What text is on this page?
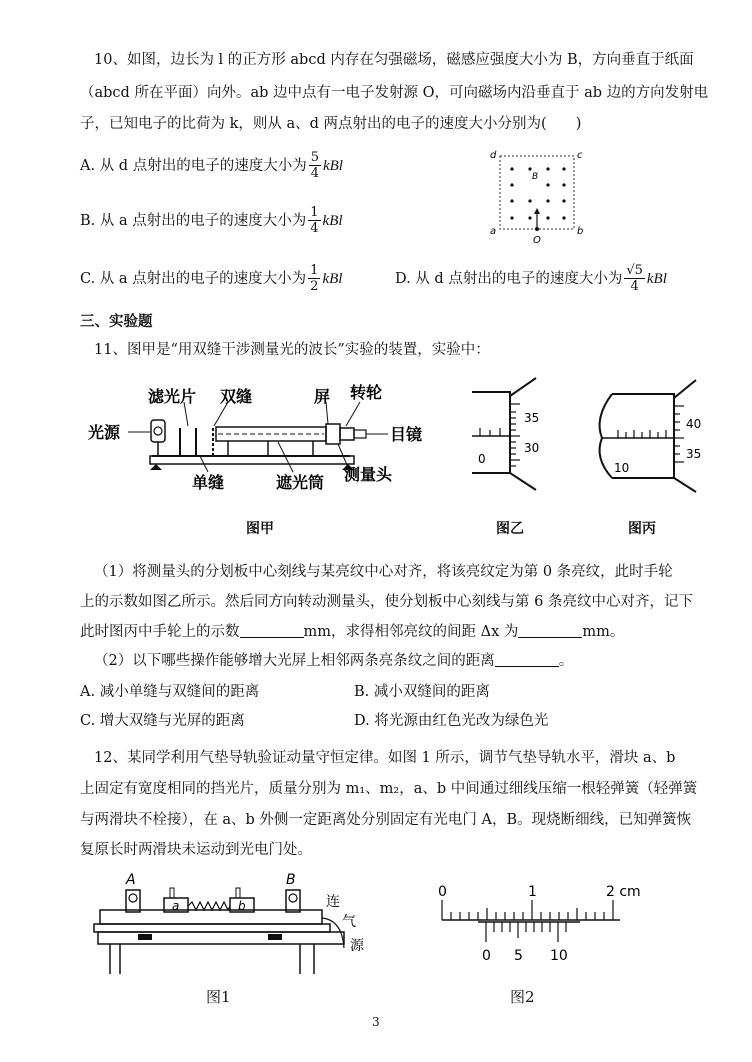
10、如图，边长为 l 的正方形 abcd 内存在匀强磁场，磁感应强度大小为 B，方向垂直于纸面
（abcd 所在平面）向外。ab 边中点有一电子发射源 O，可向磁场内沿垂直于 ab 边的方向发射电
子，已知电子的比荷为 k，则从 a、d 两点射出的电子的速度大小分别为(　　)
A. 从 d 点射出的电子的速度大小为 $\frac{5}{4}$ kBl
B. 从 a 点射出的电子的速度大小为 $\frac{1}{4}$ kBl
C. 从 a 点射出的电子的速度大小为 $\frac{1}{2}$ kBl	D. 从 d 点射出的电子的速度大小为 $\frac{√5}{4}$ kBl
d	c
a	b
B
O
三、实验题
11、图甲是“用双缝干涉测量光的波长”实验的装置，实验中：
光源
滤光片 双缝	屏 转轮
目镜
单缝	遮光筒 测量头
图甲
35
30
0
图乙
40
35
10
图丙
（1）将测量头的分划板中心刻线与某亮纹中心对齐，将该亮纹定为第 0 条亮纹，此时手轮
上的示数如图乙所示。然后同方向转动测量头，使分划板中心刻线与第 6 条亮纹中心对齐，记下
此时图丙中手轮上的示数	mm，求得相邻亮纹的间距 Δx 为	mm。
（2）以下哪些操作能够增大光屏上相邻两条亮条纹之间的距离	。
A. 减小单缝与双缝间的距离	B. 减小双缝间的距离
C. 增大双缝与光屏的距离	D. 将光源由红色光改为绿色光
12、某同学利用气垫导轨验证动量守恒定律。如图 1 所示，调节气垫导轨水平，滑块 a、b
上固定有宽度相同的挡光片，质量分别为 m₁、m₂，a、b 中间通过细线压缩一根轻弹簧（轻弹簧
与两滑块不栓接），在 a、b 外侧一定距离处分别固定有光电门 A，B。现烧断细线，已知弹簧恢
复原长时两滑块未运动到光电门处。
A	B
a	b	连
气
源
图1
0	1	2 cm
0 5 10
图2
3
